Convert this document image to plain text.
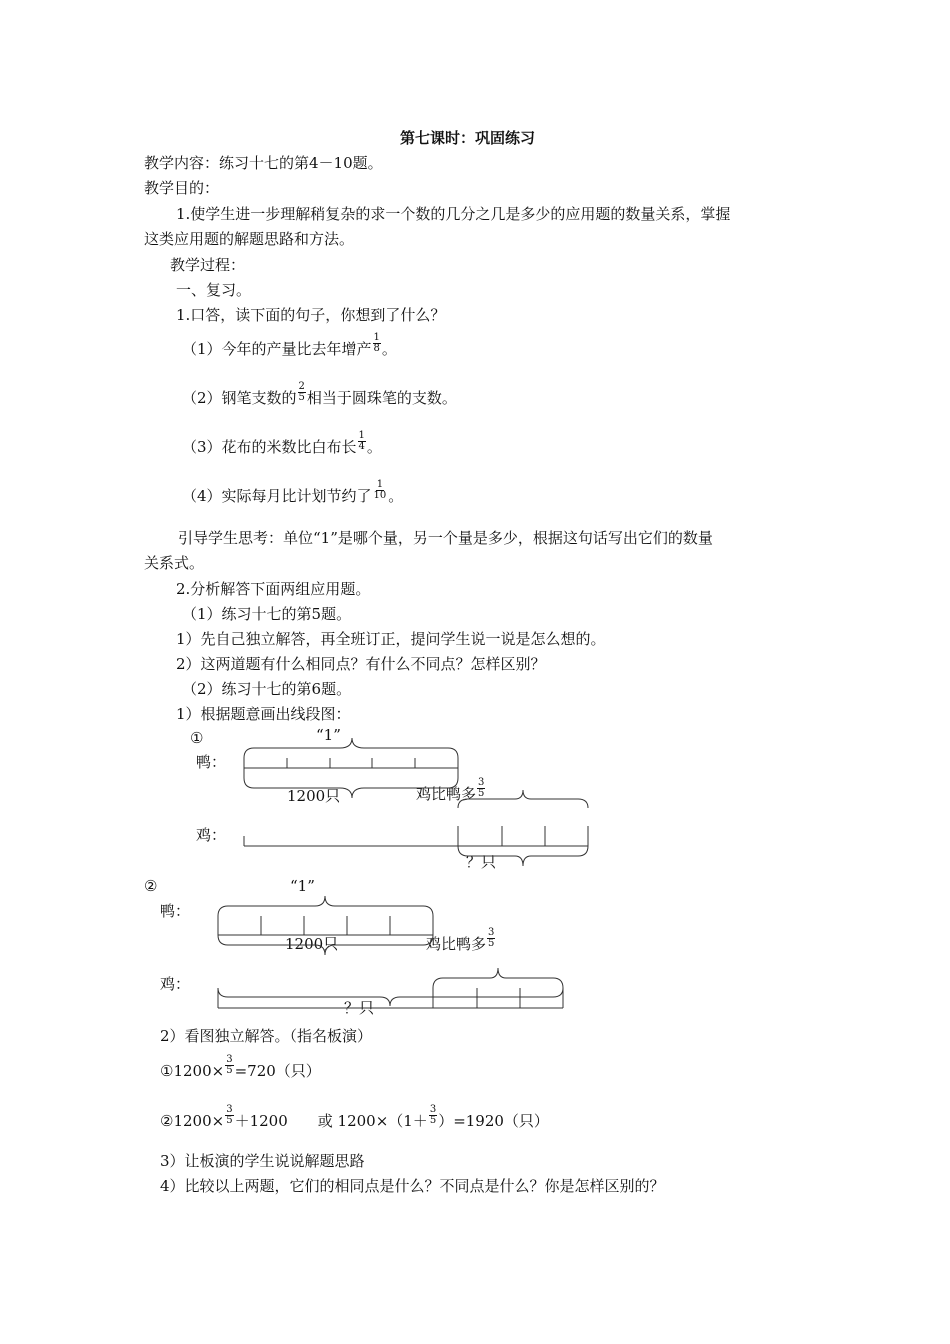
第七课时：巩固练习
教学内容：练习十七的第4－10题。
教学目的：
1.使学生进一步理解稍复杂的求一个数的几分之几是多少的应用题的数量关系，掌握
这类应用题的解题思路和方法。
教学过程：
一、复习。
1.口答，读下面的句子，你想到了什么？
（1）今年的产量比去年增产 $\frac{1}{8}$ 。
（2）钢笔支数的 $\frac{2}{5}$ 相当于圆珠笔的支数。
（3）花布的米数比白布长 $\frac{1}{4}$ 。
（4）实际每月比计划节约了 $\frac{1}{10}$ 。
引导学生思考：单位“1”是哪个量，另一个量是多少，根据这句话写出它们的数量
关系式。
2.分析解答下面两组应用题。
（1）练习十七的第5题。
1）先自己独立解答，再全班订正，提问学生说一说是怎么想的。
2）这两道题有什么相同点？有什么不同点？怎样区别？
（2）练习十七的第6题。
1）根据题意画出线段图：
①	“1”
鸭：
1200只	鸡比鸭多 $\frac{3}{5}$
鸡：
？只
②	“1”
鸭：
1200只	鸡比鸭多 $\frac{3}{5}$
鸡：
？只
2）看图独立解答。（指名板演）
①1200× $\frac{3}{5} =720$（只）
②1200× $\frac{3}{5} +1200$　　或 $1200\times(1+ \frac{3}{5} )=1920$（只）
3）让板演的学生说说解题思路
4）比较以上两题，它们的相同点是什么？不同点是什么？你是怎样区别的？
